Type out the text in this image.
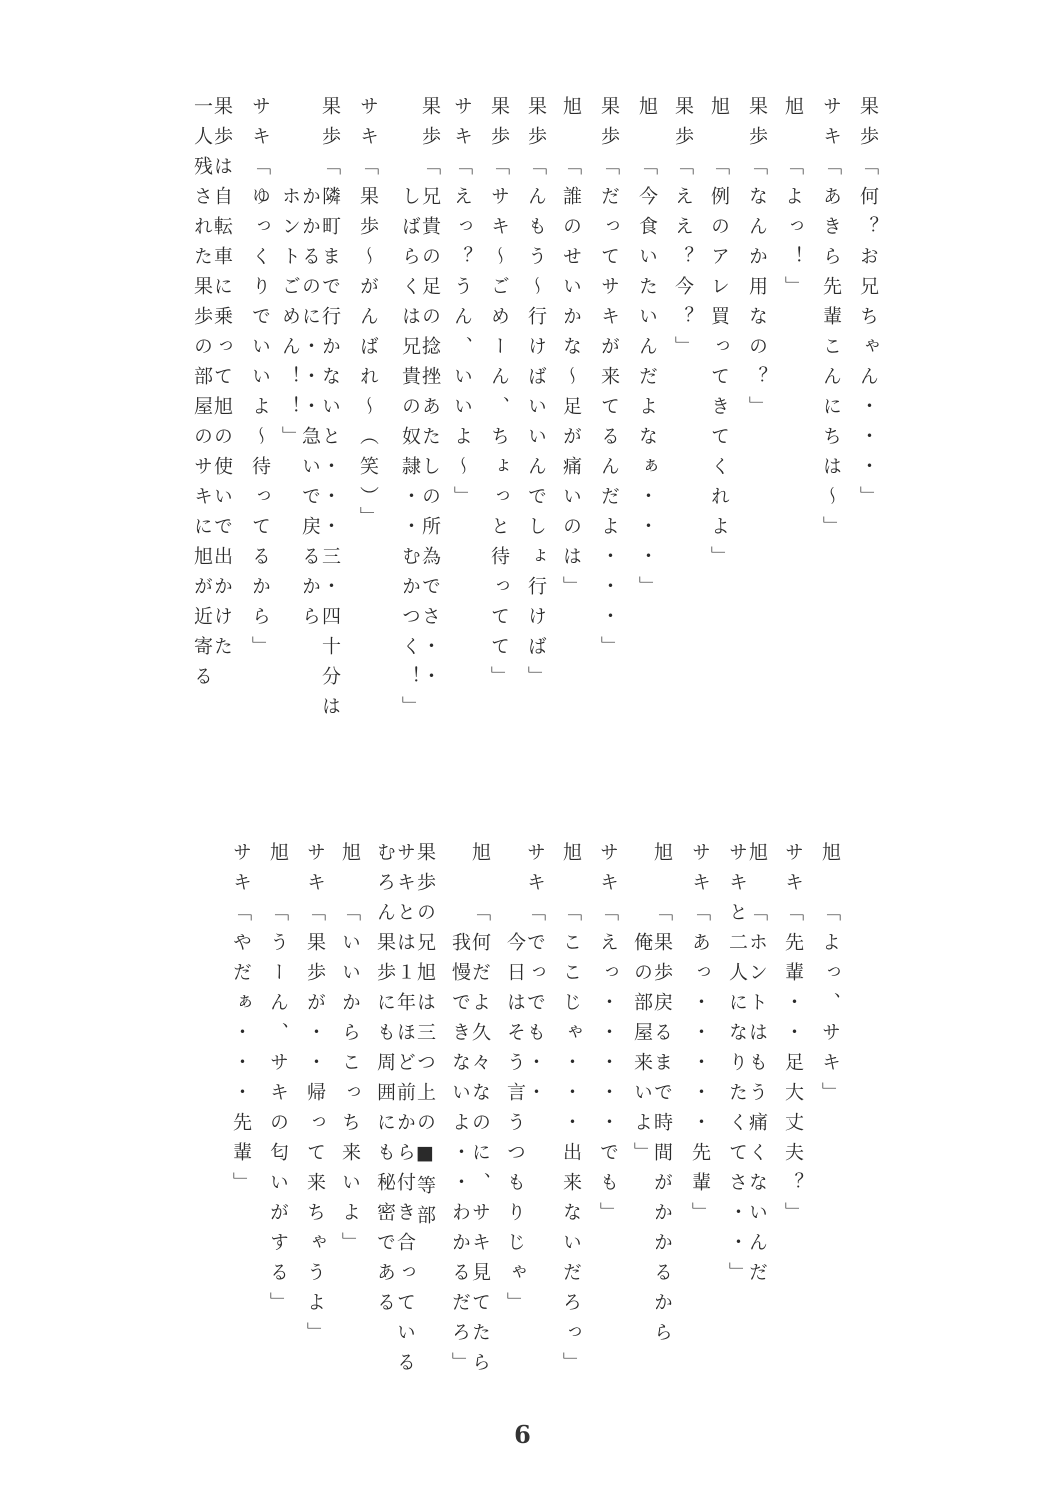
果歩「何？お兄ちゃん・・・」
サキ「あきら先輩こんにちは〜」
旭「よっ！」
果歩「なんか用なの？」
旭「例のアレ買ってきてくれよ」
果歩「ええ？今？」
旭「今食いたいんだよなぁ・・・」
果歩「だってサキが来てるんだよ・・・」
旭「誰のせいかな〜足が痛いのは」
果歩「んもう〜行けばいいんでしょ行けば」
果歩「サキ〜ごめーん、ちょっと待ってて」
サキ「えっ？うん、いいよ〜」
果歩「兄貴の足の捻挫あたしの所為でさ・・
しばらくは兄貴の奴隷・・むかつく！」
サキ「果歩〜がんばれ〜（笑）」
果歩「隣町まで行かないと・・・三・四十分は
かかるのに・・・急いで戻るから
ホントごめん！！」
サキ「ゆっくりでいいよ〜待ってるから」
果歩は自転車に乗って旭の使いで出かけた
一人残された果歩の部屋のサキに旭が近寄る
旭「よっ、サキ」
サキ「先輩・・足大丈夫？」
旭「ホントはもう痛くないんだ
サキと二人になりたくてさ・・」
サキ「あっ・・・・・先輩」
旭「果歩戻るまで時間がかかるから
俺の部屋来いよ」
サキ「えっ・・・・・でも」
旭「ここじゃ・・・出来ないだろっ」
サキ「でっでも・・
今日はそう言うつもりじゃ」
旭「何だよ久々なのに、サキ見てたら
我慢できないよ・・わかるだろ」
果歩の兄旭は三つ上の■等部
サキとは１年ほど前から付き合っている
むろん果歩にも周囲にも秘密である
旭「いいからこっち来いよ」
サキ「果歩が・・帰って来ちゃうよ」
旭「うーん、サキの匂いがする」
サキ「やだぁ・・・先輩」
6
